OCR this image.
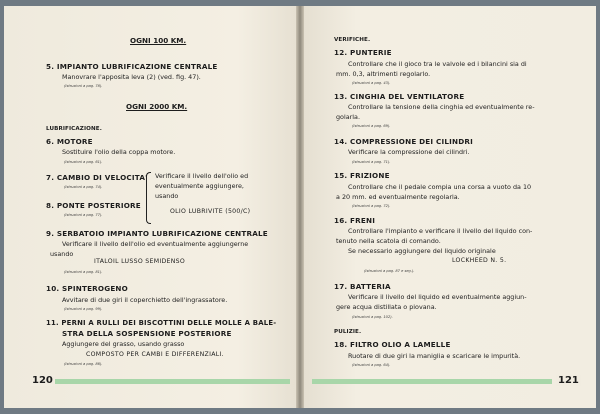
OGNI 100 KM.
5. IMPIANTO LUBRIFICAZIONE CENTRALE
Manovrare l'apposita leva (2) (ved. fig. 47).
(Istruzioni a pag. 78).
OGNI 2000 KM.
LUBRIFICAZIONE.
6. MOTORE
Sostituire l'olio della coppa motore.
(Istruzioni a pag. 61).
7. CAMBIO DI VELOCITA'
(Istruzioni a pag. 74).
8. PONTE POSTERIORE
(Istruzioni a pag. 77).
Verificare il livello dell'olio ed
eventualmente aggiungere,
usando
OLIO LUBRIVITE (500/C)
9. SERBATOIO IMPIANTO LUBRIFICAZIONE CENTRALE
Verificare il livello dell'olio ed eventualmente aggiungerne
usando
ITALOIL LUSSO SEMIDENSO
(Istruzioni a pag. 81).
10. SPINTEROGENO
Avvitare di due giri il coperchietto dell'ingrassatore.
(Istruzioni a pag. 99).
11. PERNI A RULLI DEI BISCOTTINI DELLE MOLLE A BALE-
STRA DELLA SOSPENSIONE POSTERIORE
Aggiungere del grasso, usando grasso
COMPOSTO PER CAMBI E DIFFERENZIALI.
(Istruzioni a pag. 86).
120
VERIFICHE.
12. PUNTERIE
Controllare che il gioco tra le valvole ed i bilancini sia di
mm. 0,3, altrimenti regolarlo.
(Istruzioni a pag. 43).
13. CINGHIA DEL VENTILATORE
Controllare la tensione della cinghia ed eventualmente re-
golarla.
(Istruzioni a pag. 69).
14. COMPRESSIONE DEI CILINDRI
Verificare la compressione dei cilindri.
(Istruzioni a pag. 71).
15. FRIZIONE
Controllare che il pedale compia una corsa a vuoto da 10
a 20 mm. ed eventualmente regolarla.
(Istruzioni a pag. 72).
16. FRENI
Controllare l'impianto e verificare il livello del liquido con-
tenuto nella scatola di comando.
Se necessario aggiungere del liquido originale
LOCKHEED N. 5.
(Istruzioni a pag. 87 e seg.).
17. BATTERIA
Verificare il livello del liquido ed eventualmente aggiun-
gere acqua distillata o piovana.
(Istruzioni a pag. 102).
PULIZIE.
18. FILTRO OLIO A LAMELLE
Ruotare di due giri la maniglia e scaricare le impurità.
(Istruzioni a pag. 64).
121
